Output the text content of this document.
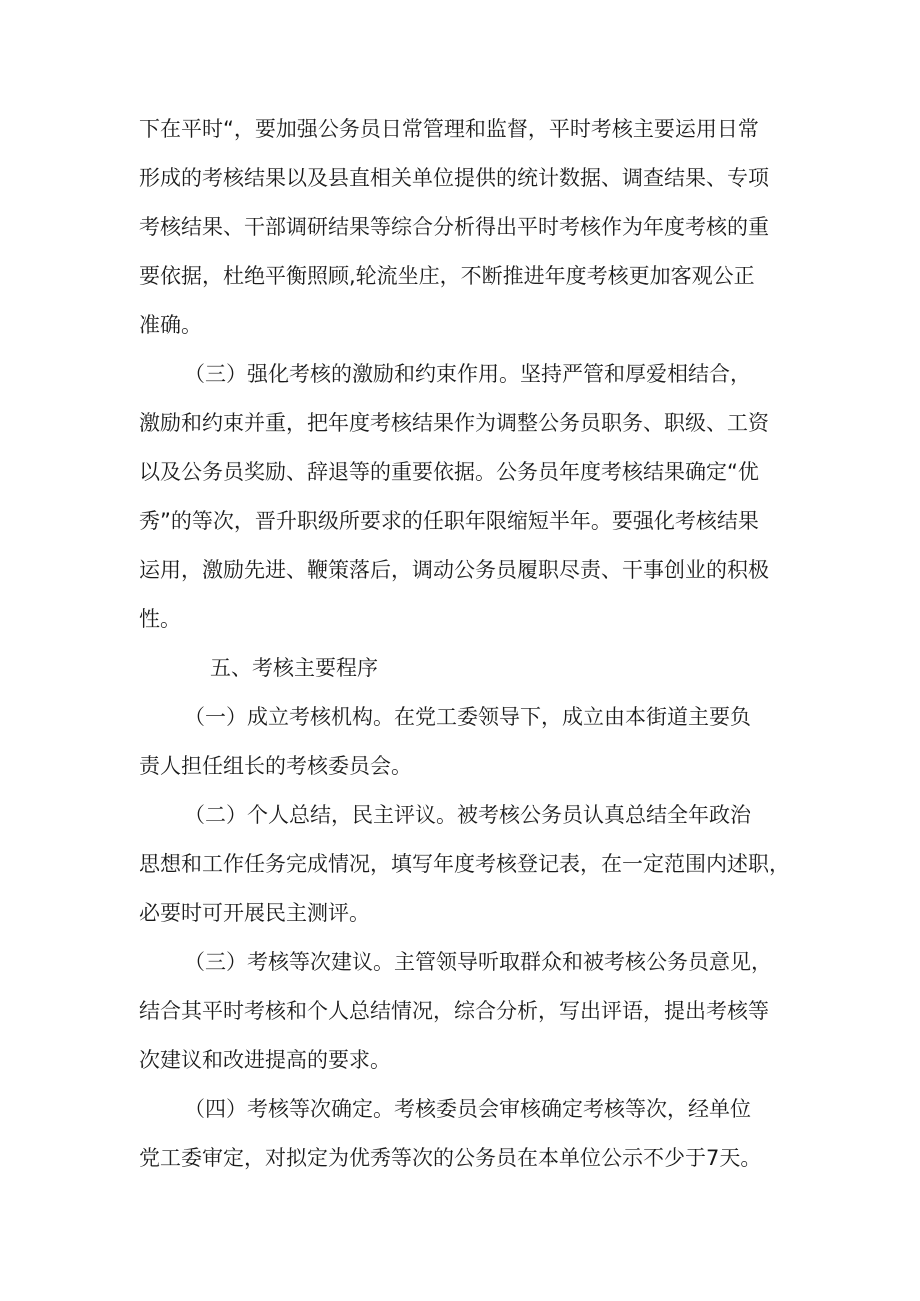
下在平时“，要加强公务员日常管理和监督，平时考核主要运用日常

形成的考核结果以及县直相关单位提供的统计数据、调查结果、专项

考核结果、干部调研结果等综合分析得出平时考核作为年度考核的重

要依据，杜绝平衡照顾,轮流坐庄，不断推进年度考核更加客观公正

准确。

（三）强化考核的激励和约束作用。坚持严管和厚爱相结合，

激励和约束并重，把年度考核结果作为调整公务员职务、职级、工资

以及公务员奖励、辞退等的重要依据。公务员年度考核结果确定“优

秀”的等次，晋升职级所要求的任职年限缩短半年。要强化考核结果

运用，激励先进、鞭策落后，调动公务员履职尽责、干事创业的积极

性。

五、考核主要程序

（一）成立考核机构。在党工委领导下，成立由本街道主要负

责人担任组长的考核委员会。

（二）个人总结，民主评议。被考核公务员认真总结全年政治

思想和工作任务完成情况，填写年度考核登记表，在一定范围内述职，

必要时可开展民主测评。

（三）考核等次建议。主管领导听取群众和被考核公务员意见，

结合其平时考核和个人总结情况，综合分析，写出评语，提出考核等

次建议和改进提高的要求。

（四）考核等次确定。考核委员会审核确定考核等次，经单位

党工委审定，对拟定为优秀等次的公务员在本单位公示不少于7天。
